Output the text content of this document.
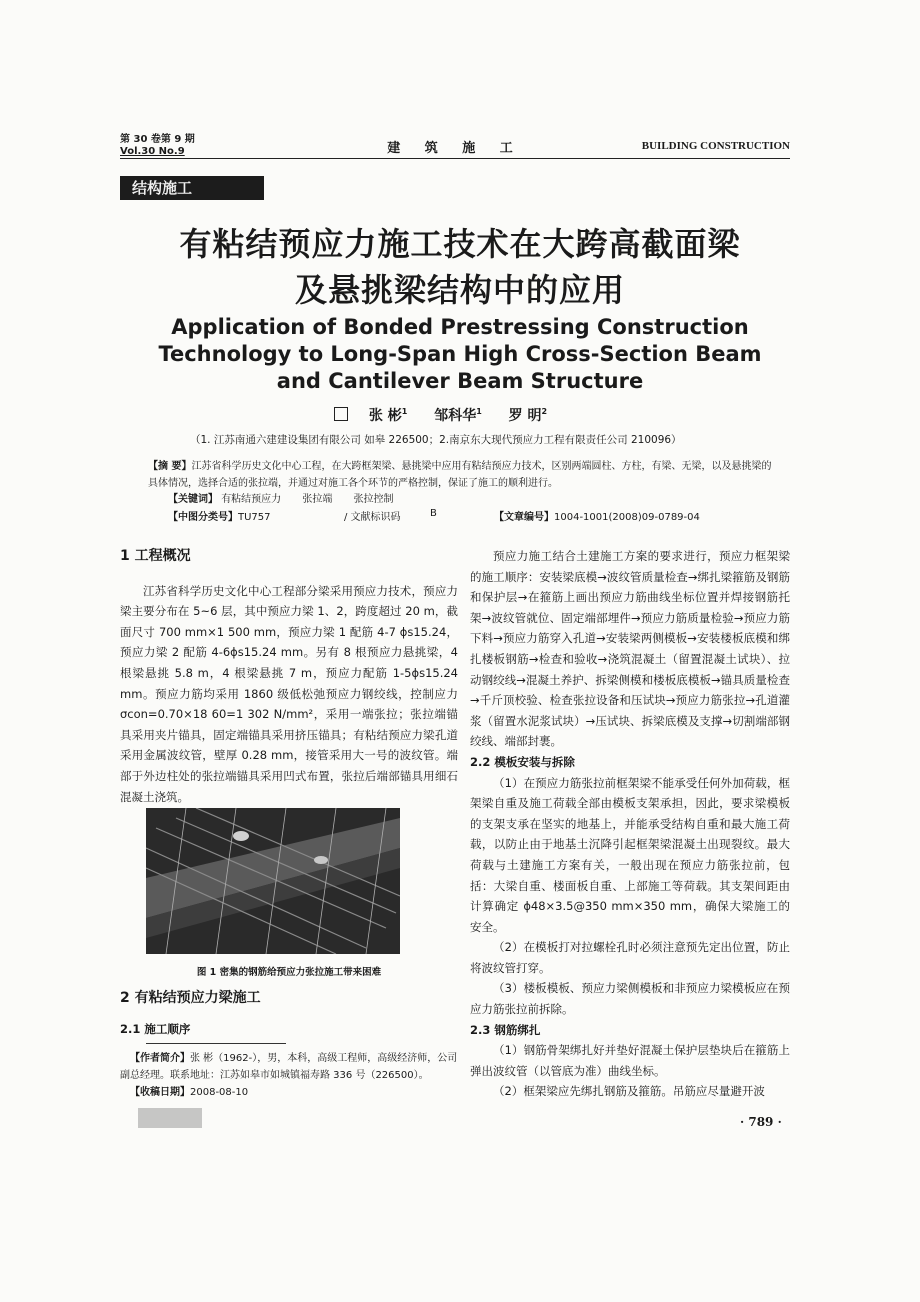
第 30 卷第 9 期
Vol.30 No.9	建 筑 施 工	BUILDING CONSTRUCTION
结构施工
有粘结预应力施工技术在大跨高截面梁
及悬挑梁结构中的应用
Application of Bonded Prestressing Construction
Technology to Long-Span High Cross-Section Beam
and Cantilever Beam Structure
张 彬$^1$ 邹科华$^1$ 罗 明$^2$
（1. 江苏南通六建建设集团有限公司 如皋 226500；2.南京东大现代预应力工程有限责任公司 210096）
【摘 要】江苏省科学历史文化中心工程，在大跨框架梁、悬挑梁中应用有粘结预应力技术，区别两端圆柱、方柱，有梁、无梁，以及悬挑梁的具体情况，选择合适的张拉端，并通过对施工各个环节的严格控制，保证了施工的顺利进行。
【关键词】 有粘结预应力 张拉端 张拉控制
【中图分类号】TU757	/ 文献标识码	B	【文章编号】1004-1001(2008)09-0789-04
1 工程概况

江苏省科学历史文化中心工程部分梁采用预应力技术，预应力梁主要分布在 5~6 层，其中预应力梁 1、2，跨度超过 20 m，截面尺寸 700 mm×1 500 mm，预应力梁 1 配筋 4-7 ϕs15.24，预应力梁 2 配筋 4-6ϕs15.24 mm。另有 8 根预应力悬挑梁，4 根梁悬挑 5.8 m，4 根梁悬挑 7 m，预应力配筋 1-5ϕs15.24 mm。预应力筋均采用 1860 级低松弛预应力钢绞线，控制应力 σcon=0.70×18 60=1 302 N/mm²，采用一端张拉；张拉端锚具采用夹片锚具，固定端锚具采用挤压锚具；有粘结预应力梁孔道采用金属波纹管，壁厚 0.28 mm，接管采用大一号的波纹管。端部于外边柱处的张拉端锚具采用凹式布置，张拉后端部锚具用细石混凝土浇筑。

图 1 密集的钢筋给预应力张拉施工带来困难
2 有粘结预应力梁施工
2.1 施工顺序
【作者简介】张 彬（1962-），男，本科，高级工程师，高级经济师，公司副总经理。联系地址：江苏如皋市如城镇福寿路 336 号（226500）。
【收稿日期】2008-08-10

预应力施工结合土建施工方案的要求进行，预应力框架梁的施工顺序：安装梁底模→波纹管质量检查→绑扎梁箍筋及钢筋和保护层→在箍筋上画出预应力筋曲线坐标位置并焊接钢筋托架→波纹管就位、固定端部埋件→预应力筋质量检验→预应力筋下料→预应力筋穿入孔道→安装梁两侧模板→安装楼板底模和绑扎楼板钢筋→检查和验收→浇筑混凝土（留置混凝土试块）、拉动钢绞线→混凝土养护、拆梁侧模和楼板底模板→锚具质量检查→千斤顶校验、检查张拉设备和压试块→预应力筋张拉→孔道灌浆（留置水泥浆试块）→压试块、拆梁底模及支撑→切割端部钢绞线、端部封裹。

2.2 模板安装与拆除

（1）在预应力筋张拉前框架梁不能承受任何外加荷载，框架梁自重及施工荷载全部由模板支架承担，因此，要求梁模板的支架支承在坚实的地基上，并能承受结构自重和最大施工荷载，以防止由于地基土沉降引起框架梁混凝土出现裂纹。最大荷载与土建施工方案有关，一般出现在预应力筋张拉前，包括：大梁自重、楼面板自重、上部施工等荷载。其支架间距由计算确定 ϕ48×3.5@350 mm×350 mm，确保大梁施工的安全。

（2）在模板打对拉螺栓孔时必须注意预先定出位置，防止将波纹管打穿。

（3）楼板模板、预应力梁侧模板和非预应力梁模板应在预应力筋张拉前拆除。

2.3 钢筋绑扎

（1）钢筋骨架绑扎好并垫好混凝土保护层垫块后在箍筋上弹出波纹管（以管底为准）曲线坐标。

（2）框架梁应先绑扎钢筋及箍筋。吊筋应尽量避开波

· 789 ·
